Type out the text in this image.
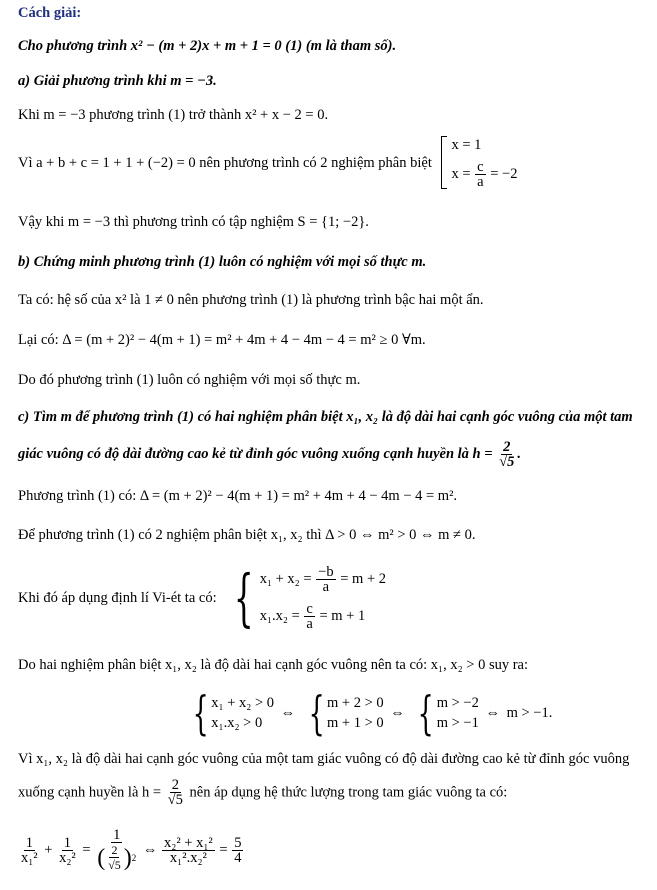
Cách giải:
Cho phương trình x² − (m + 2)x + m + 1 = 0 (1) (m là tham số).
a) Giải phương trình khi m = −3.
Khi m = −3 phương trình (1) trở thành x² + x − 2 = 0.
Vì a + b + c = 1 + 1 + (−2) = 0 nên phương trình có 2 nghiệm phân biệt
x = 1
$x = \frac{c}{a} = -2$
Vậy khi m = −3 thì phương trình có tập nghiệm S = {1; −2}.
b) Chứng minh phương trình (1) luôn có nghiệm với mọi số thực m.
Ta có: hệ số của x² là 1 ≠ 0 nên phương trình (1) là phương trình bậc hai một ẩn.
Lại có: Δ = (m + 2)² − 4(m + 1) = m² + 4m + 4 − 4m − 4 = m² ≥ 0 ∀m.
Do đó phương trình (1) luôn có nghiệm với mọi số thực m.
c) Tìm m để phương trình (1) có hai nghiệm phân biệt x₁, x₂ là độ dài hai cạnh góc vuông của một tam
giác vuông có độ dài đường cao kẻ từ đỉnh góc vuông xuống cạnh huyền là $h = \frac{2}{√5}$ .
Phương trình (1) có: Δ = (m + 2)² − 4(m + 1) = m² + 4m + 4 − 4m − 4 = m².
Để phương trình (1) có 2 nghiệm phân biệt x₁, x₂ thì Δ > 0 ⇔ m² > 0 ⇔ m ≠ 0.
Khi đó áp dụng định lí Vi-ét ta có: { $x_1 + x_2 = \frac{-b}{a} = m + 2$
$x_1.x_2 = \frac{c}{a} = m + 1$
Do hai nghiệm phân biệt x₁, x₂ là độ dài hai cạnh góc vuông nên ta có: x₁, x₂ > 0 suy ra:
{ x₁ + x₂ > 0
x₁.x₂ > 0
⇔ { m + 2 > 0
m + 1 > 0
⇔ { m > −2
m > −1
⇔ m > −1.
Vì x₁, x₂ là độ dài hai cạnh góc vuông của một tam giác vuông có độ dài đường cao kẻ từ đỉnh góc vuông
xuống cạnh huyền là $h = \frac{2}{√5}$ nên áp dụng hệ thức lượng trong tam giác vuông ta có:
$\frac{1}{\text{x₁²}} + \frac{1}{\text{x₂²}} = \frac{1}{( \frac{2}{√5} ) 2}$ ⇔ $\frac{\text{x₂² + x₁²}}{\text{x₁².x₂²}} = \frac{5}{4}$
